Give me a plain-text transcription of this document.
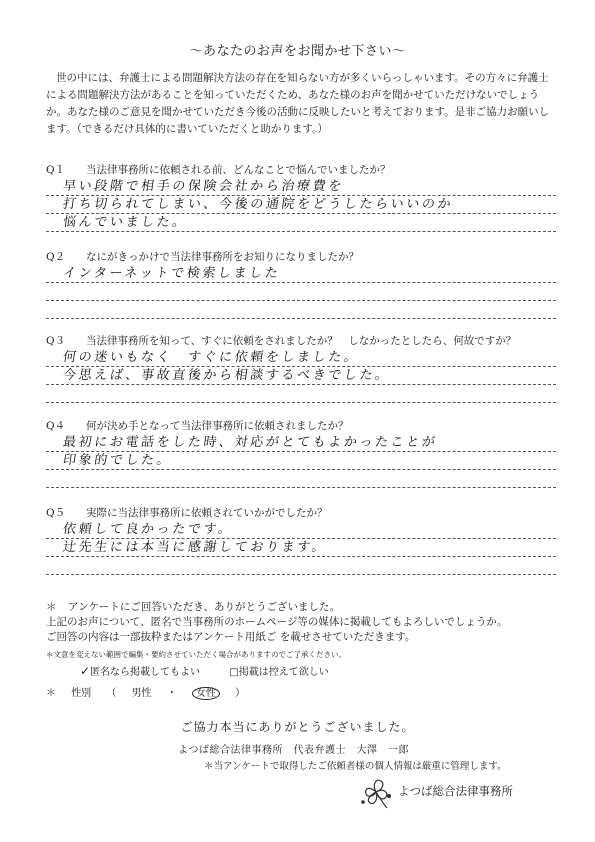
～あなたのお声をお聞かせ下さい～

世の中には、弁護士による問題解決方法の存在を知らない方が多くいらっしゃいます。その方々に弁護士による問題解決方法があることを知っていただくため、あなた様のお声を聞かせていただけないでしょうか。あなた様のご意見を聞かせていただき今後の活動に反映したいと考えております。是非ご協力お願いします。（できるだけ具体的に書いていただくと助かります。）

Q１ 当法律事務所に依頼される前、どんなことで悩んでいましたか？
早い段階で相手の保険会社から治療費を
打ち切られてしまい、今後の通院をどうしたらいいのか
悩んでいました。
Q２ なにがきっかけで当法律事務所をお知りになりましたか？
インターネットで検索しました
Q３ 当法律事務所を知って、すぐに依頼をされましたか？　しなかったとしたら、何故ですか？
何の迷いもなく　すぐに依頼をしました。
今思えば、事故直後から相談するべきでした。
Q４ 何が決め手となって当法律事務所に依頼されましたか？
最初にお電話をした時、対応がとてもよかったことが
印象的でした。
Q５ 実際に当法律事務所に依頼されていかがでしたか？
依頼して良かったです。
辻先生には本当に感謝しております。

＊ アンケートにご回答いただき、ありがとうございました。

上記のお声について、匿名で当事務所のホームページ等の媒体に掲載してもよろしいでしょうか。

ご回答の内容は一部抜粋またはアンケート用紙ご を載せさせていただきます。

＊文意を変えない範囲で編集・要約させていただく場合がありますのでご了承ください。
✓匿名なら掲載してもよい	□掲載は控えて欲しい
＊ 性別 （ 男性 ・ 女性 ）
ご協力本当にありがとうございました。
よつば総合法律事務所　代表弁護士　大澤　一郎
＊当アンケートで取得したご依頼者様の個人情報は厳重に管理します。
よつば総合法律事務所
